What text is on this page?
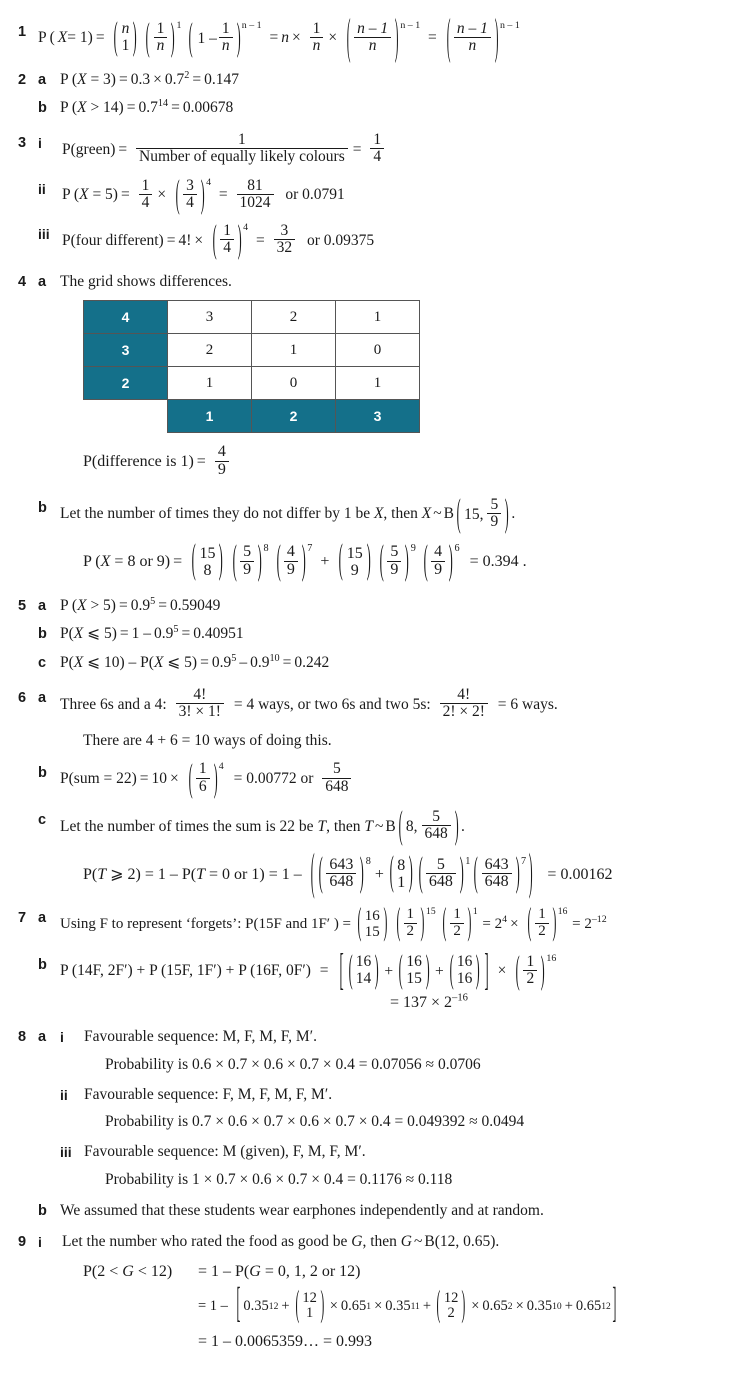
1 P ( X= 1) = ( n
1 )
( $\frac{1}{n}$ ) 1
( $1 - \frac{1}{n}$ ) n – 1
= $n \times \frac{1}{n}$ × ( $\frac{n - 1}{n}$ ) n – 1
= ( $\frac{n - 1}{n}$ ) n – 1
2 a P $(X = 3) = 0.3 \times 0.7^2 = 0.147$
b P $(X > 14) = 0.7^{14} = 0.00678$
3 i	P(green) = $\frac{1}{\text{Number of equally likely colours}} = \frac{1}{4}$
ii	P $(X = 5) = \frac{1}{4}$ × ( $\frac{3}{4}$ ) 4
= $\frac{81}{1024}$ or 0.0791
iii P(four different) = 4! × ( $\frac{1}{4}$ ) 4
= $\frac{3}{32}$ or 0.09375
4 a The grid shows differences.
4	3	2	1
3	2	1	0
2	1	0	1
	1	2	3
P(difference is $1) = \frac{4}{9}$
b Let the number of times they do not differ by 1 be X, then X ~ B ( 15, $\frac{5}{9}$ ) .
P (X = 8 or 9) = ( 15
8 )
( $\frac{5}{9}$ ) 8
( $\frac{4}{9}$ ) 7
+ ( 15
9 )
( $\frac{5}{9}$ ) 9
( $\frac{4}{9}$ ) 6
= 0.394 .
5 a P $(X > 5) = 0.9^5 = 0.59049$
b P(X ⩽ $5) = 1 - 0.9^5 = 0.40951$
c P(X ⩽ 10) – P(X ⩽ $5) = 0.9^5 - 0.9^{10} = 0.242$
6 a Three 6s and a 4: $\frac{4!}{3! \times 1!} = 4$ ways, or two 6s and two 5s: $\frac{4!}{2! \times 2!} = 6$ ways.
There are 4 + 6 = 10 ways of doing this.
b P(sum = 22) = 10 × ( $\frac{1}{6}$ ) 4
= 0.00772 or $\frac{5}{648}$
c Let the number of times the sum is 22 be T, then T ~ B ( 8, $\frac{5}{648}$ ) .
P(T ⩾ 2) = 1 – P(T = 0 or 1) = 1 – ( ( $\frac{643}{648}$ ) 8
+ ( 8
1 ) ( $\frac{5}{648}$ ) 1 ( $\frac{643}{648}$ ) 7 ) = 0.00162
7 a Using F to represent ‘forgets’: P(15F and 1F′ ) = ( 16
15 )
( $\frac{1}{2}$ ) 15
( $\frac{1}{2}$ ) 1
= $2^4$ × ( $\frac{1}{2}$ ) 16
= $2^{-12}$
b P (14F, 2F′) + P (15F, 1F′) + P (16F, 0F′) = [ ( 16
14 ) + ( 16
15 ) + ( 16
16 ) ] × ( $\frac{1}{2}$ ) 16
= $137 \times 2^{-16}$
8 a i	Favourable sequence: M, F, M, F, M′.
Probability is 0.6 × 0.7 × 0.6 × 0.7 × 0.4 = 0.07056 ≈ 0.0706
ii	Favourable sequence: F, M, F, M, F, M′.
Probability is 0.7 × 0.6 × 0.7 × 0.6 × 0.7 × 0.4 = 0.049392 ≈ 0.0494
iii Favourable sequence: M (given), F, M, F, M′.
Probability is 1 × 0.7 × 0.6 × 0.7 × 0.4 = 0.1176 ≈ 0.118
b We assumed that these students wear earphones independently and at random.
9 i	Let the number who rated the food as good be G, then G ~ B(12, 0.65).
P(2 < G < 12)	= 1 – P(G = 0, 1, 2 or 12)
= 1 – [ 0.35 12 + ( 12
1 ) × 0.65 1 × 0.35 11 + ( 12
2 ) × 0.65 2 × 0.35 10 + 0.65 12 ]
= 1 – 0.0065359… = 0.993
